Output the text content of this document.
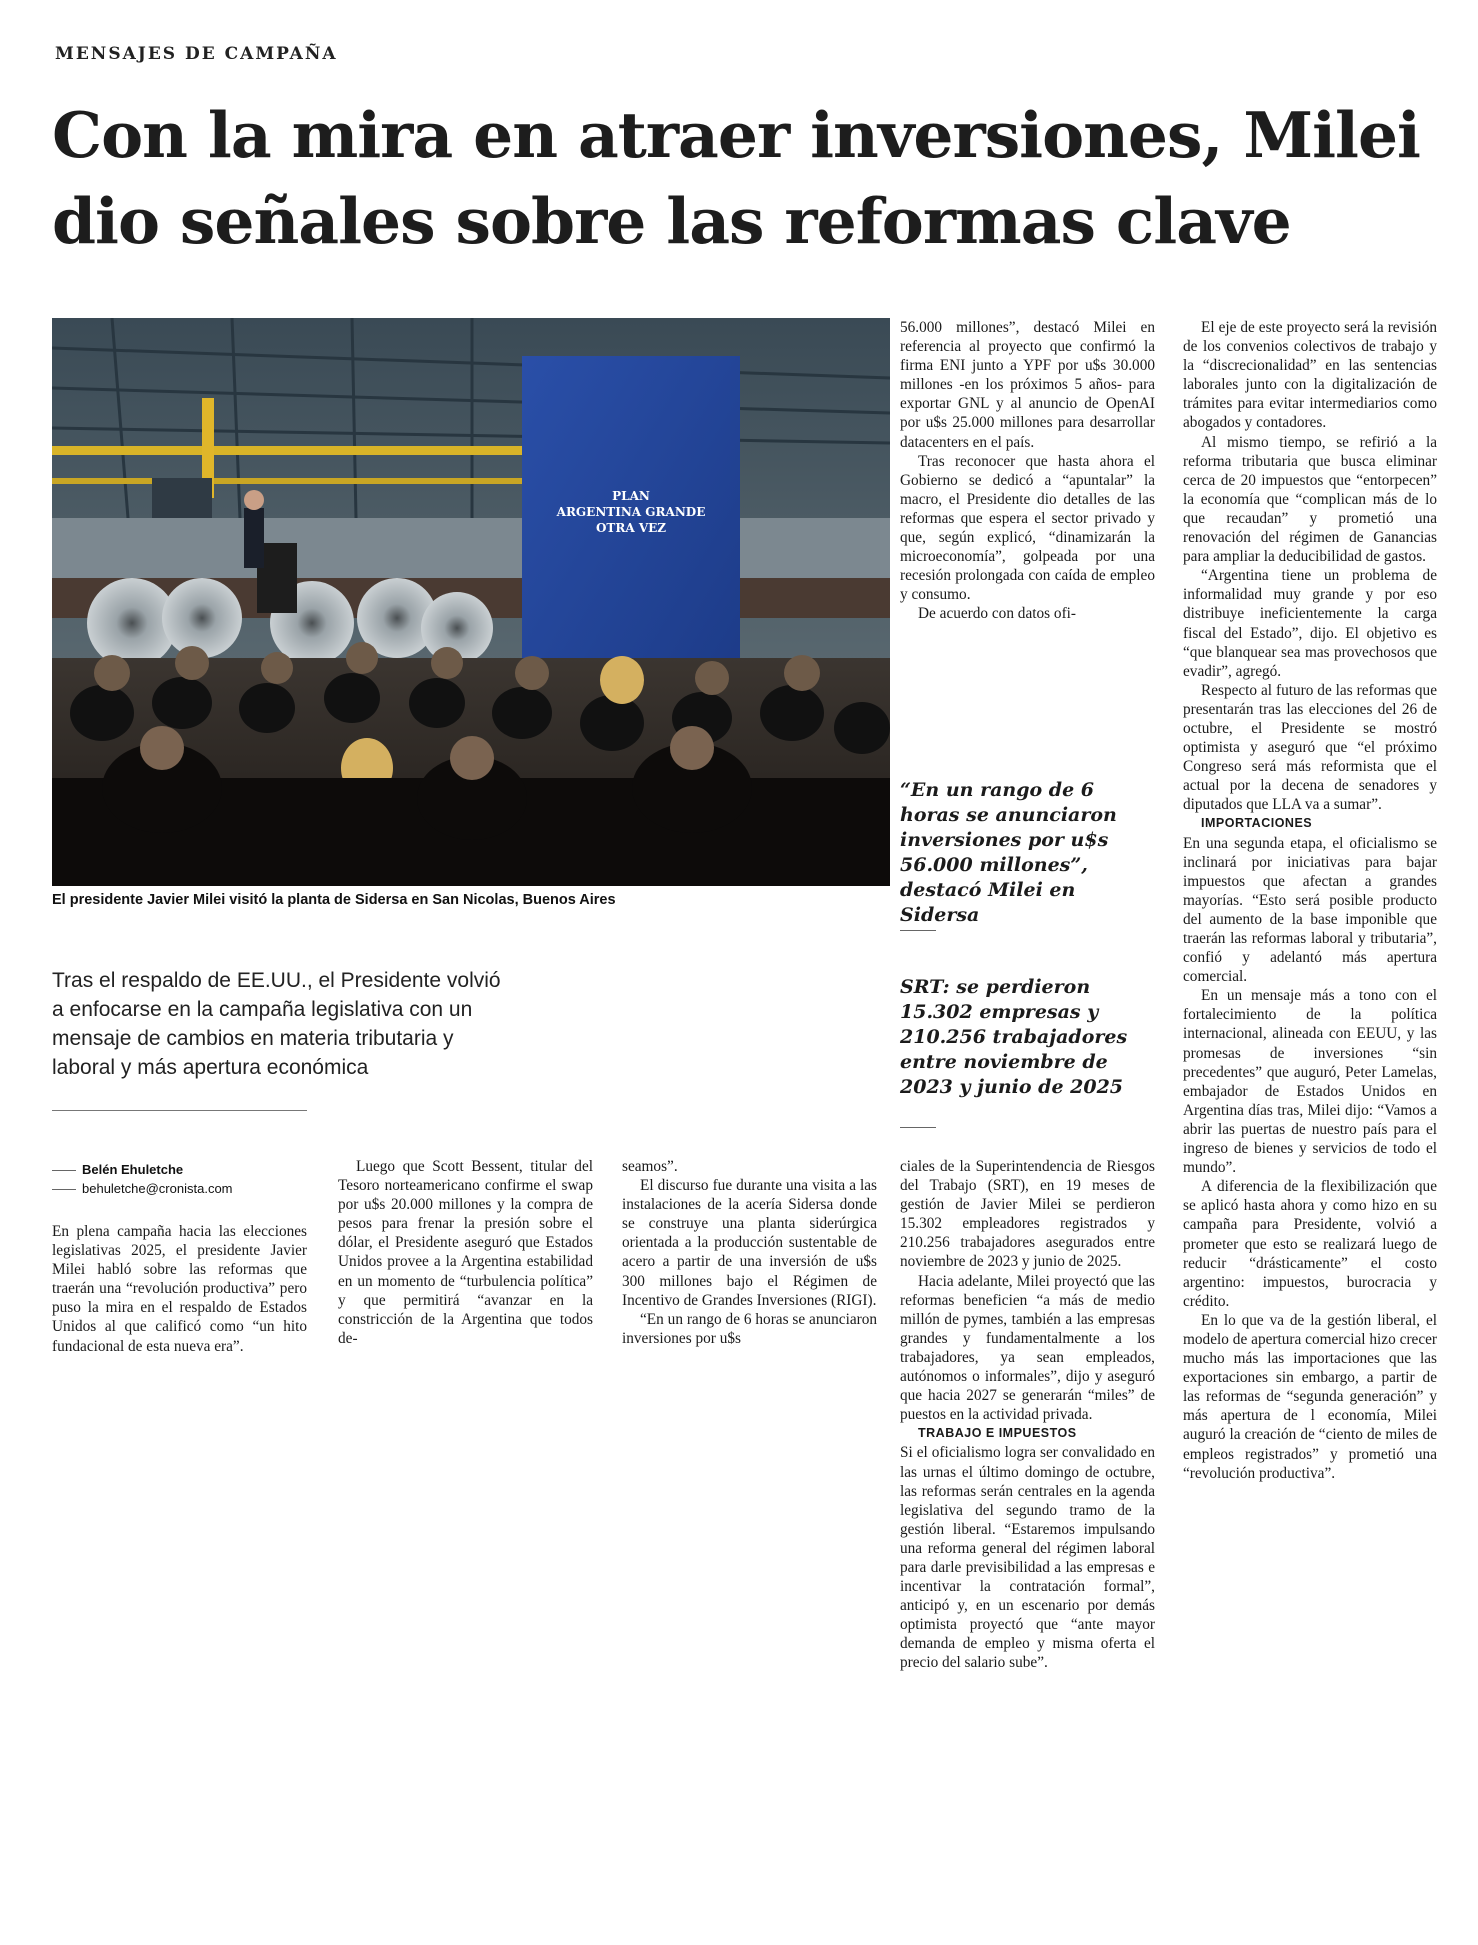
MENSAJES DE CAMPAÑA
Con la mira en atraer inversiones, Milei dio señales sobre las reformas clave
PLAN
ARGENTINA GRANDE
OTRA VEZ
El presidente Javier Milei visitó la planta de Sidersa en San Nicolas, Buenos Aires
Tras el respaldo de EE.UU., el Presidente volvió a enfocarse en la campaña legislativa con un mensaje de cambios en materia tributaria y laboral y más apertura económica
Belén Ehuletche
behuletche@cronista.com

En plena campaña hacia las elecciones legislativas 2025, el presidente Javier Milei habló sobre las reformas que traerán una “revolución productiva” pero puso la mira en el respaldo de Estados Unidos al que calificó como “un hito fundacional de esta nueva era”.

Luego que Scott Bessent, titular del Tesoro norteamericano confirme el swap por u$s 20.000 millones y la compra de pesos para frenar la presión sobre el dólar, el Presidente aseguró que Estados Unidos provee a la Argentina estabilidad en un momento de “turbulencia política” y que permitirá “avanzar en la constricción de la Argentina que todos de-

seamos”.

El discurso fue durante una visita a las instalaciones de la acería Sidersa donde se construye una planta siderúrgica orientada a la producción sustentable de acero a partir de una inversión de u$s 300 millones bajo el Régimen de Incentivo de Grandes Inversiones (RIGI).

“En un rango de 6 horas se anunciaron inversiones por u$s

56.000 millones”, destacó Milei en referencia al proyecto que confirmó la firma ENI junto a YPF por u$s 30.000 millones -en los próximos 5 años- para exportar GNL y al anuncio de OpenAI por u$s 25.000 millones para desarrollar datacenters en el país.

Tras reconocer que hasta ahora el Gobierno se dedicó a “apuntalar” la macro, el Presidente dio detalles de las reformas que espera el sector privado y que, según explicó, “dinamizarán la microeconomía”, golpeada por una recesión prolongada con caída de empleo y consumo.

De acuerdo con datos ofi-

“En un rango de 6 horas se anunciaron inversiones por u$s 56.000 millones”, destacó Milei en Sidersa
SRT: se perdieron 15.302 empresas y 210.256 trabajadores entre noviembre de 2023 y junio de 2025

ciales de la Superintendencia de Riesgos del Trabajo (SRT), en 19 meses de gestión de Javier Milei se perdieron 15.302 empleadores registrados y 210.256 trabajadores asegurados entre noviembre de 2023 y junio de 2025.

Hacia adelante, Milei proyectó que las reformas beneficien “a más de medio millón de pymes, también a las empresas grandes y fundamentalmente a los trabajadores, ya sean empleados, autónomos o informales”, dijo y aseguró que hacia 2027 se generarán “miles” de puestos en la actividad privada.

TRABAJO E IMPUESTOS

Si el oficialismo logra ser convalidado en las urnas el último domingo de octubre, las reformas serán centrales en la agenda legislativa del segundo tramo de la gestión liberal. “Estaremos impulsando una reforma general del régimen laboral para darle previsibilidad a las empresas e incentivar la contratación formal”, anticipó y, en un escenario por demás optimista proyectó que “ante mayor demanda de empleo y misma oferta el precio del salario sube”.

El eje de este proyecto será la revisión de los convenios colectivos de trabajo y la “discrecionalidad” en las sentencias laborales junto con la digitalización de trámites para evitar intermediarios como abogados y contadores.

Al mismo tiempo, se refirió a la reforma tributaria que busca eliminar cerca de 20 impuestos que “entorpecen” la economía que “complican más de lo que recaudan” y prometió una renovación del régimen de Ganancias para ampliar la deducibilidad de gastos.

“Argentina tiene un problema de informalidad muy grande y por eso distribuye ineficientemente la carga fiscal del Estado”, dijo. El objetivo es “que blanquear sea mas provechosos que evadir”, agregó.

Respecto al futuro de las reformas que presentarán tras las elecciones del 26 de octubre, el Presidente se mostró optimista y aseguró que “el próximo Congreso será más reformista que el actual por la decena de senadores y diputados que LLA va a sumar”.

IMPORTACIONES

En una segunda etapa, el oficialismo se inclinará por iniciativas para bajar impuestos que afectan a grandes mayorías. “Esto será posible producto del aumento de la base imponible que traerán las reformas laboral y tributaria”, confió y adelantó más apertura comercial.

En un mensaje más a tono con el fortalecimiento de la política internacional, alineada con EEUU, y las promesas de inversiones “sin precedentes” que auguró, Peter Lamelas, embajador de Estados Unidos en Argentina días tras, Milei dijo: “Vamos a abrir las puertas de nuestro país para el ingreso de bienes y servicios de todo el mundo”.

A diferencia de la flexibilización que se aplicó hasta ahora y como hizo en su campaña para Presidente, volvió a prometer que esto se realizará luego de reducir “drásticamente” el costo argentino: impuestos, burocracia y crédito.

En lo que va de la gestión liberal, el modelo de apertura comercial hizo crecer mucho más las importaciones que las exportaciones sin embargo, a partir de las reformas de “segunda generación” y más apertura de l economía, Milei auguró la creación de “ciento de miles de empleos registrados” y prometió una “revolución productiva”.
